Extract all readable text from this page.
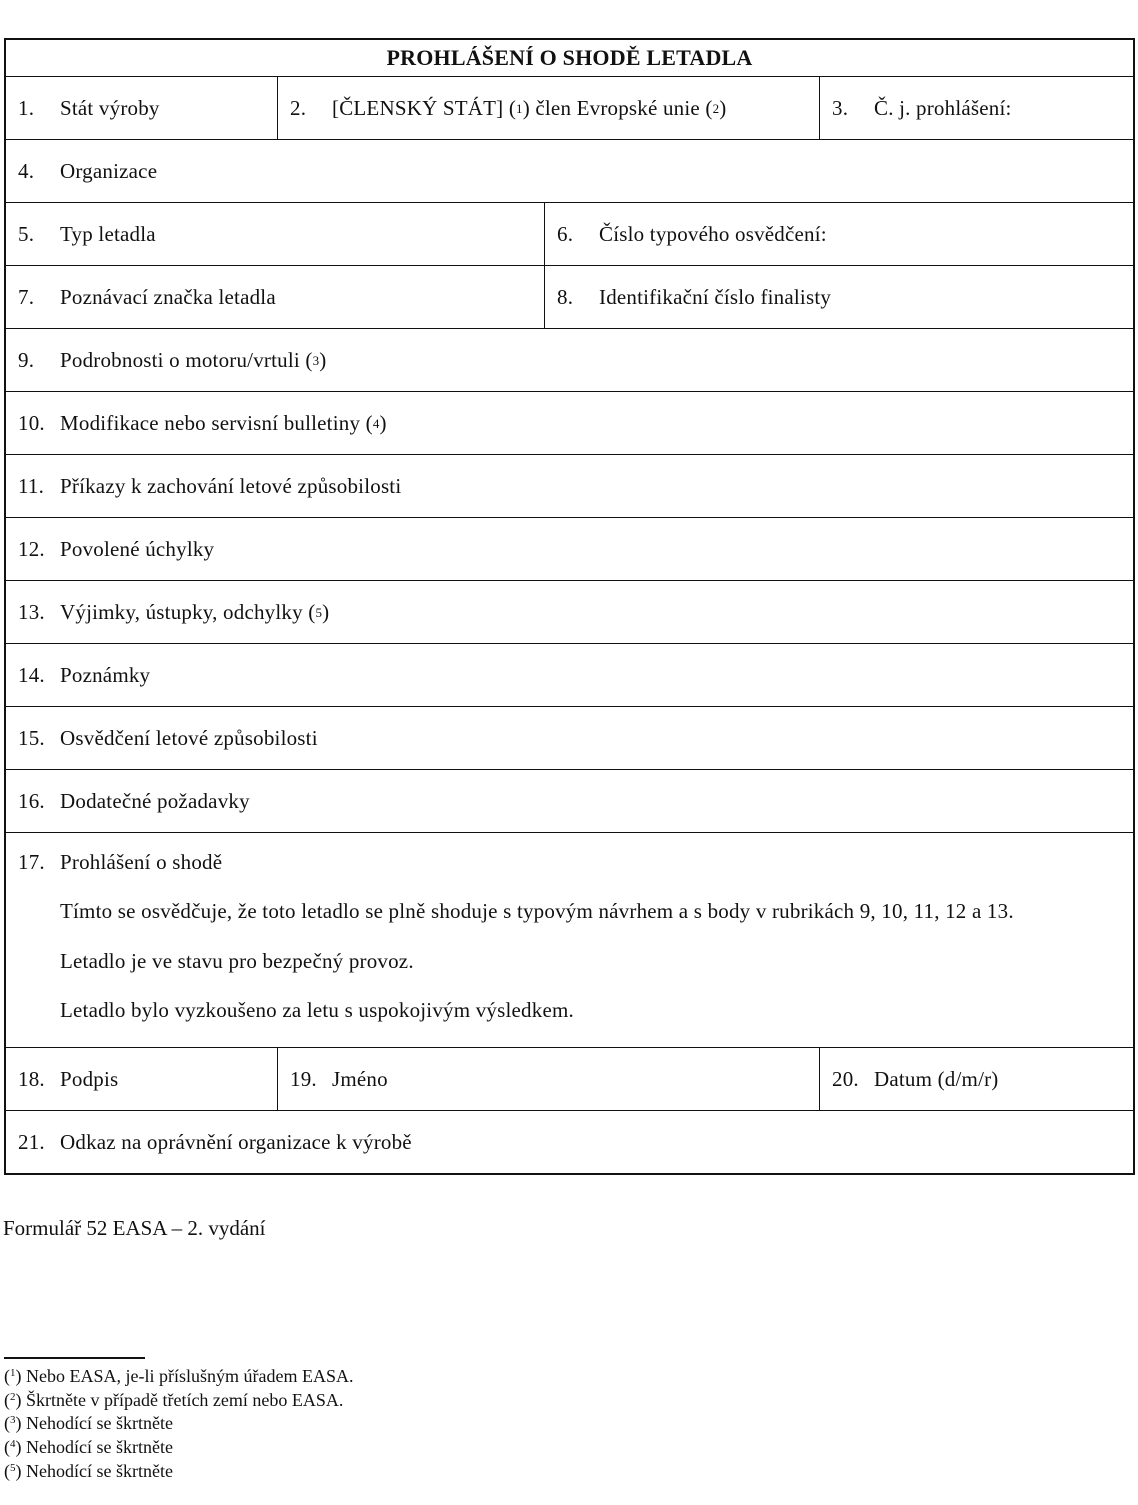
PROHLÁŠENÍ O SHODĚ LETADLA
1.	Stát výroby	2.	[ČLENSKÝ STÁT] ( 1 ) člen Evropské unie ( 2 )	3.	Č. j. prohlášení:
4.	Organizace
5.	Typ letadla	6.	Číslo typového osvědčení:
7.	Poznávací značka letadla	8.	Identifikační číslo finalisty
9.	Podrobnosti o motoru/vrtuli ( 3 )
10. Modifikace nebo servisní bulletiny ( 4 )
11. Příkazy k zachování letové způsobilosti
12. Povolené úchylky
13. Výjimky, ústupky, odchylky ( 5 )
14. Poznámky
15. Osvědčení letové způsobilosti
16. Dodatečné požadavky
17. Prohlášení o shodě
Tímto se osvědčuje, že toto letadlo se plně shoduje s typovým návrhem a s body v rubrikách 9, 10, 11, 12 a 13.
Letadlo je ve stavu pro bezpečný provoz.
Letadlo bylo vyzkoušeno za letu s uspokojivým výsledkem.
18. Podpis	19. Jméno	20. Datum (d/m/r)
21. Odkaz na oprávnění organizace k výrobě
Formulář 52 EASA – 2. vydání
($^1$) Nebo EASA, je-li příslušným úřadem EASA.
($^2$) Škrtněte v případě třetích zemí nebo EASA.
($^3$) Nehodící se škrtněte
($^4$) Nehodící se škrtněte
($^5$) Nehodící se škrtněte
